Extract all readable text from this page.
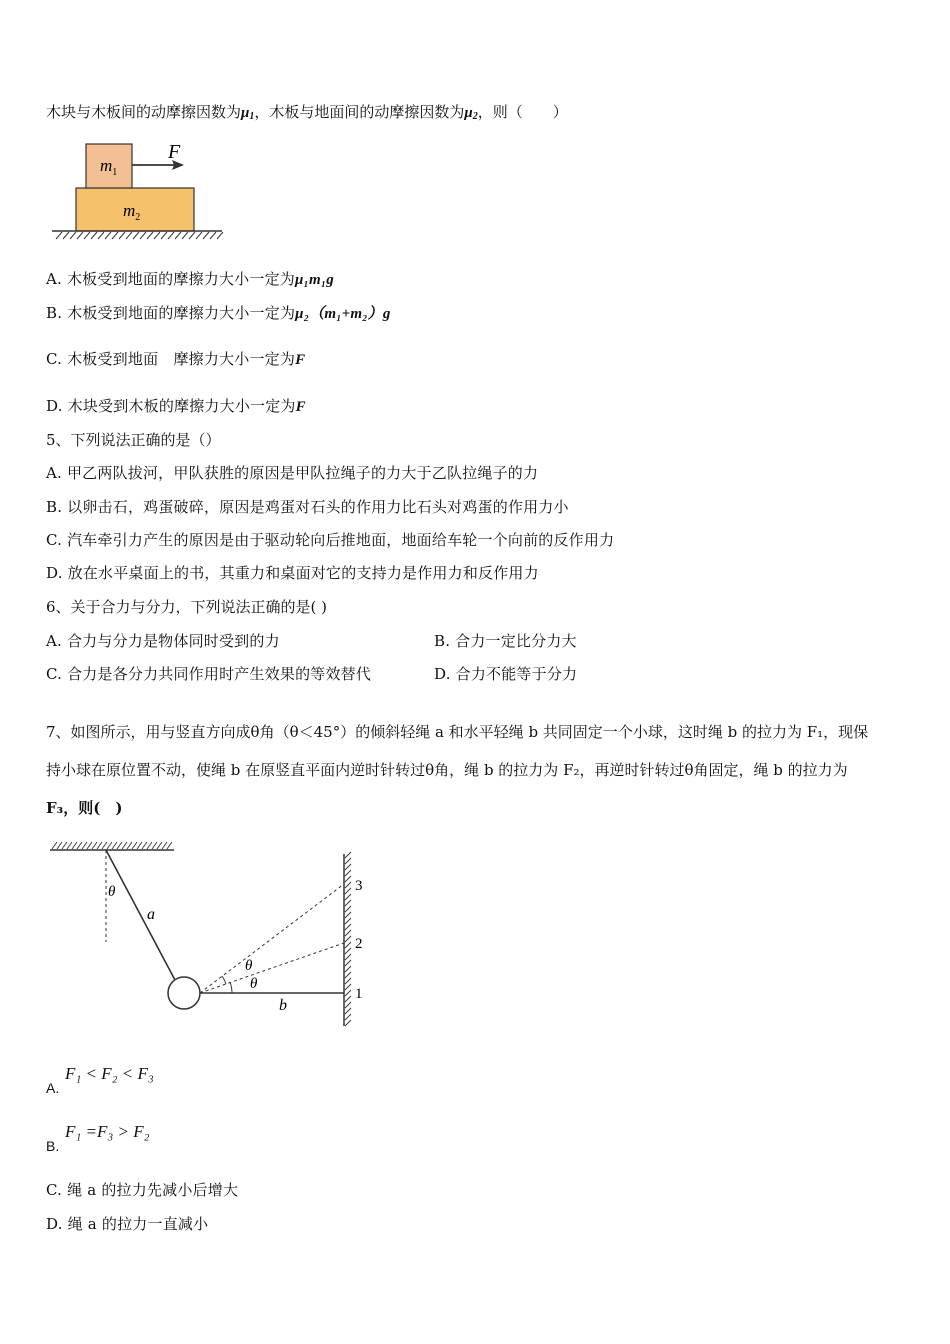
木块与木板间的动摩擦因数为$\mu_1$，木板与地面间的动摩擦因数为$\mu_2$，则（　　）
$m_1$
$m_2$
F
A. 木板受到地面的摩擦力大小一定为μ₁m₁g
B. 木板受到地面的摩擦力大小一定为μ₂（m₁+m₂）g
C. 木板受到地面　摩擦力大小一定为F
D. 木块受到木板的摩擦力大小一定为F
5、下列说法正确的是（）
A. 甲乙两队拔河，甲队获胜的原因是甲队拉绳子的力大于乙队拉绳子的力
B. 以卵击石，鸡蛋破碎，原因是鸡蛋对石头的作用力比石头对鸡蛋的作用力小
C. 汽车牵引力产生的原因是由于驱动轮向后推地面，地面给车轮一个向前的反作用力
D. 放在水平桌面上的书，其重力和桌面对它的支持力是作用力和反作用力
6、关于合力与分力，下列说法正确的是( )
A. 合力与分力是物体同时受到的力	B. 合力一定比分力大
C. 合力是各分力共同作用时产生效果的等效替代	D. 合力不能等于分力
7、如图所示，用与竖直方向成θ角（θ＜45°）的倾斜轻绳 a 和水平轻绳 b 共同固定一个小球，这时绳 b 的拉力为 F₁，现保
持小球在原位置不动，使绳 b 在原竖直平面内逆时针转过θ角，绳 b 的拉力为 F₂，再逆时针转过θ角固定，绳 b 的拉力为
F₃，则(　)
θ
a
θ
θ
b
3
2
1
A.
F₁ < F₂ < F₃
B.
F₁ =F₃ > F₂
C. 绳 a 的拉力先减小后增大
D. 绳 a 的拉力一直减小
